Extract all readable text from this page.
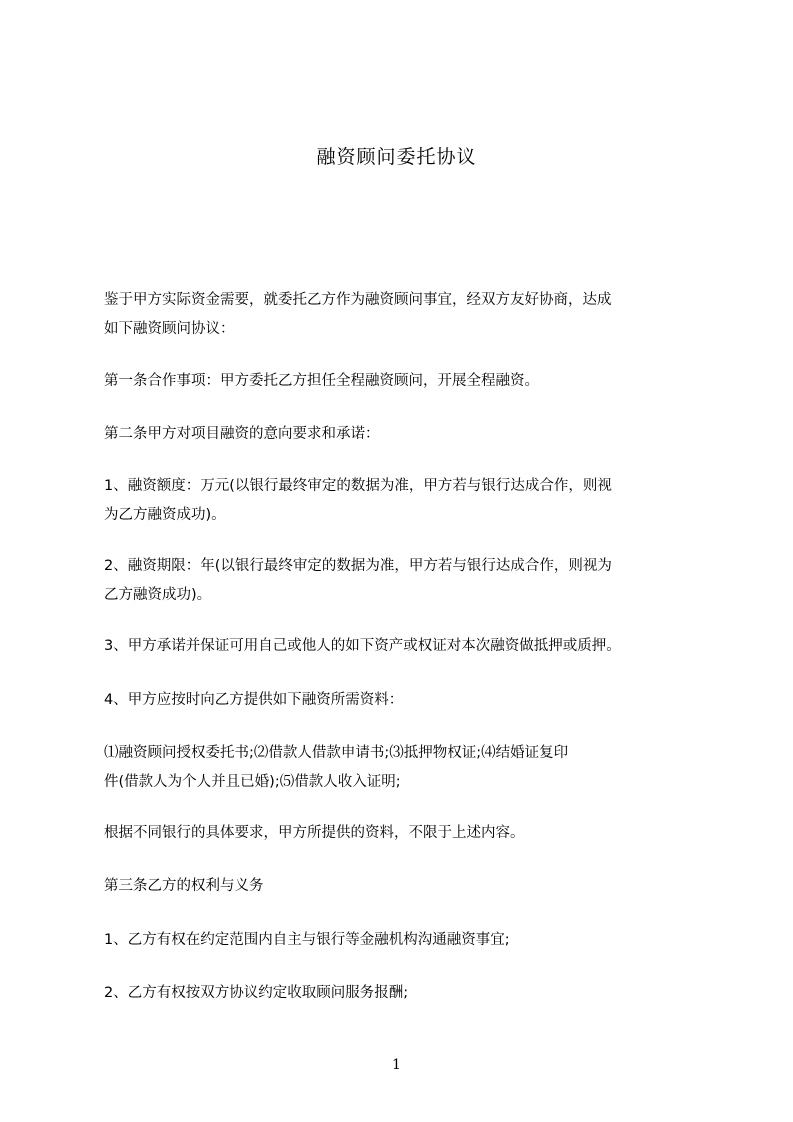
融资顾问委托协议
鉴于甲方实际资金需要，就委托乙方作为融资顾问事宜，经双方友好协商，达成
如下融资顾问协议：
第一条合作事项：甲方委托乙方担任全程融资顾问，开展全程融资。
第二条甲方对项目融资的意向要求和承诺：
1、融资额度：万元(以银行最终审定的数据为准，甲方若与银行达成合作，则视
为乙方融资成功)。
2、融资期限：年(以银行最终审定的数据为准，甲方若与银行达成合作，则视为
乙方融资成功)。
3、甲方承诺并保证可用自己或他人的如下资产或权证对本次融资做抵押或质押。
4、甲方应按时向乙方提供如下融资所需资料：
⑴融资顾问授权委托书;⑵借款人借款申请书;⑶抵押物权证;⑷结婚证复印
件(借款人为个人并且已婚);⑸借款人收入证明;
根据不同银行的具体要求，甲方所提供的资料，不限于上述内容。
第三条乙方的权利与义务
1、乙方有权在约定范围内自主与银行等金融机构沟通融资事宜;
2、乙方有权按双方协议约定收取顾问服务报酬;
1
